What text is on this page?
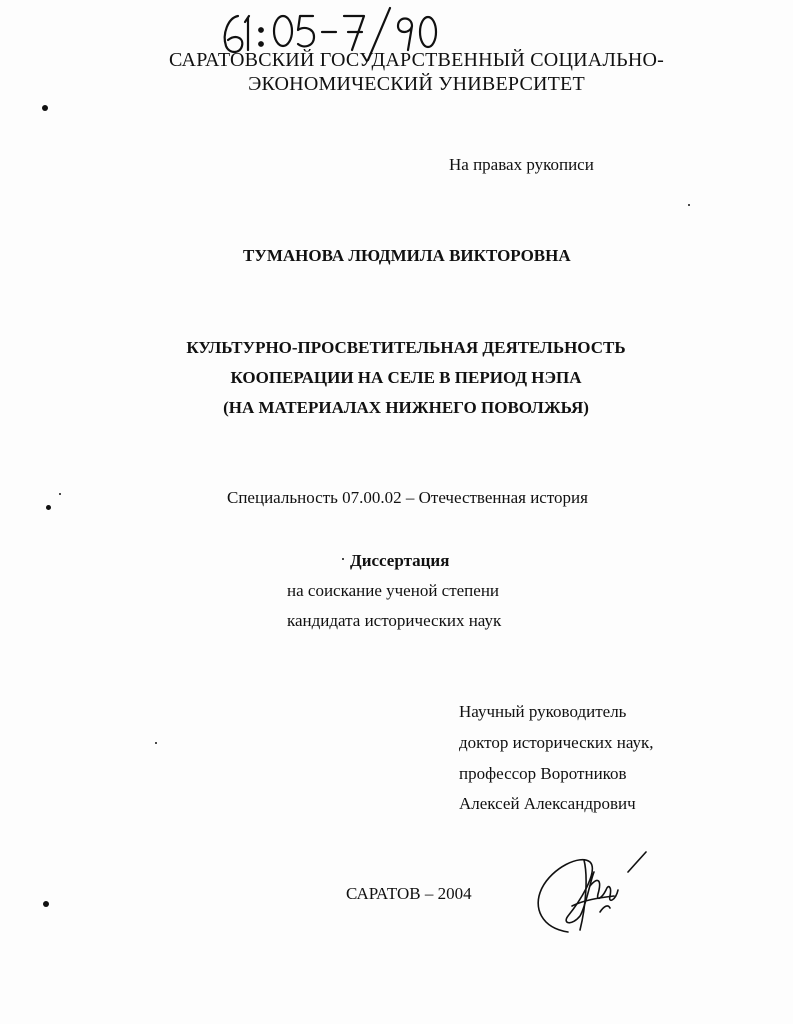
САРАТОВСКИЙ ГОСУДАРСТВЕННЫЙ СОЦИАЛЬНО-

ЭКОНОМИЧЕСКИЙ УНИВЕРСИТЕТ

На правах рукописи

ТУМАНОВА ЛЮДМИЛА ВИКТОРОВНА

КУЛЬТУРНО-ПРОСВЕТИТЕЛЬНАЯ ДЕЯТЕЛЬНОСТЬ

КООПЕРАЦИИ НА СЕЛЕ В ПЕРИОД НЭПА

(НА МАТЕРИАЛАХ НИЖНЕГО ПОВОЛЖЬЯ)

Специальность 07.00.02 – Отечественная история

Диссертация

на соискание ученой степени

кандидата исторических наук

Научный руководитель

доктор исторических наук,

профессор Воротников

Алексей Александрович

САРАТОВ – 2004
